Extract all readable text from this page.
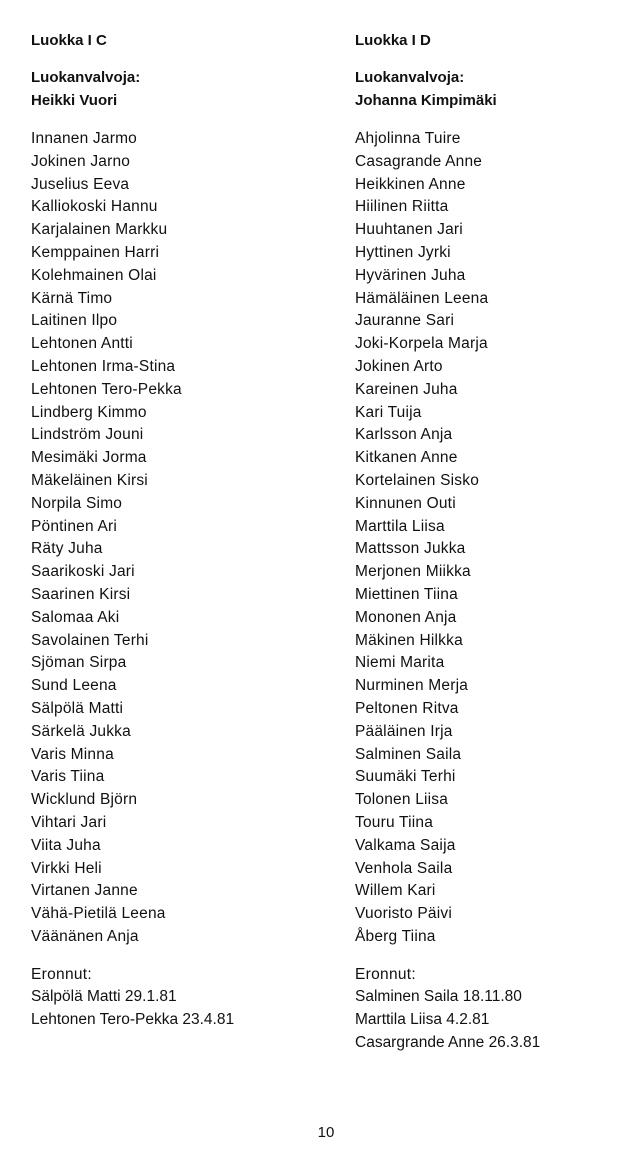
Luokka I C
Luokanvalvoja:
Heikki Vuori
Innanen Jarmo
Jokinen Jarno
Juselius Eeva
Kalliokoski Hannu
Karjalainen Markku
Kemppainen Harri
Kolehmainen Olai
Kärnä Timo
Laitinen Ilpo
Lehtonen Antti
Lehtonen Irma-Stina
Lehtonen Tero-Pekka
Lindberg Kimmo
Lindström Jouni
Mesimäki Jorma
Mäkeläinen Kirsi
Norpila Simo
Pöntinen Ari
Räty Juha
Saarikoski Jari
Saarinen Kirsi
Salomaa Aki
Savolainen Terhi
Sjöman Sirpa
Sund Leena
Sälpölä Matti
Särkelä Jukka
Varis Minna
Varis Tiina
Wicklund Björn
Vihtari Jari
Viita Juha
Virkki Heli
Virtanen Janne
Vähä-Pietilä Leena
Väänänen Anja
Eronnut:
Sälpölä Matti 29.1.81
Lehtonen Tero-Pekka 23.4.81
Luokka I D
Luokanvalvoja:
Johanna Kimpimäki
Ahjolinna Tuire
Casagrande Anne
Heikkinen Anne
Hiilinen Riitta
Huuhtanen Jari
Hyttinen Jyrki
Hyvärinen Juha
Hämäläinen Leena
Jauranne Sari
Joki-Korpela Marja
Jokinen Arto
Kareinen Juha
Kari Tuija
Karlsson Anja
Kitkanen Anne
Kortelainen Sisko
Kinnunen Outi
Marttila Liisa
Mattsson Jukka
Merjonen Miikka
Miettinen Tiina
Mononen Anja
Mäkinen Hilkka
Niemi Marita
Nurminen Merja
Peltonen Ritva
Pääläinen Irja
Salminen Saila
Suumäki Terhi
Tolonen Liisa
Touru Tiina
Valkama Saija
Venhola Saila
Willem Kari
Vuoristo Päivi
Åberg Tiina
Eronnut:
Salminen Saila 18.11.80
Marttila Liisa 4.2.81
Casargrande Anne 26.3.81
10
